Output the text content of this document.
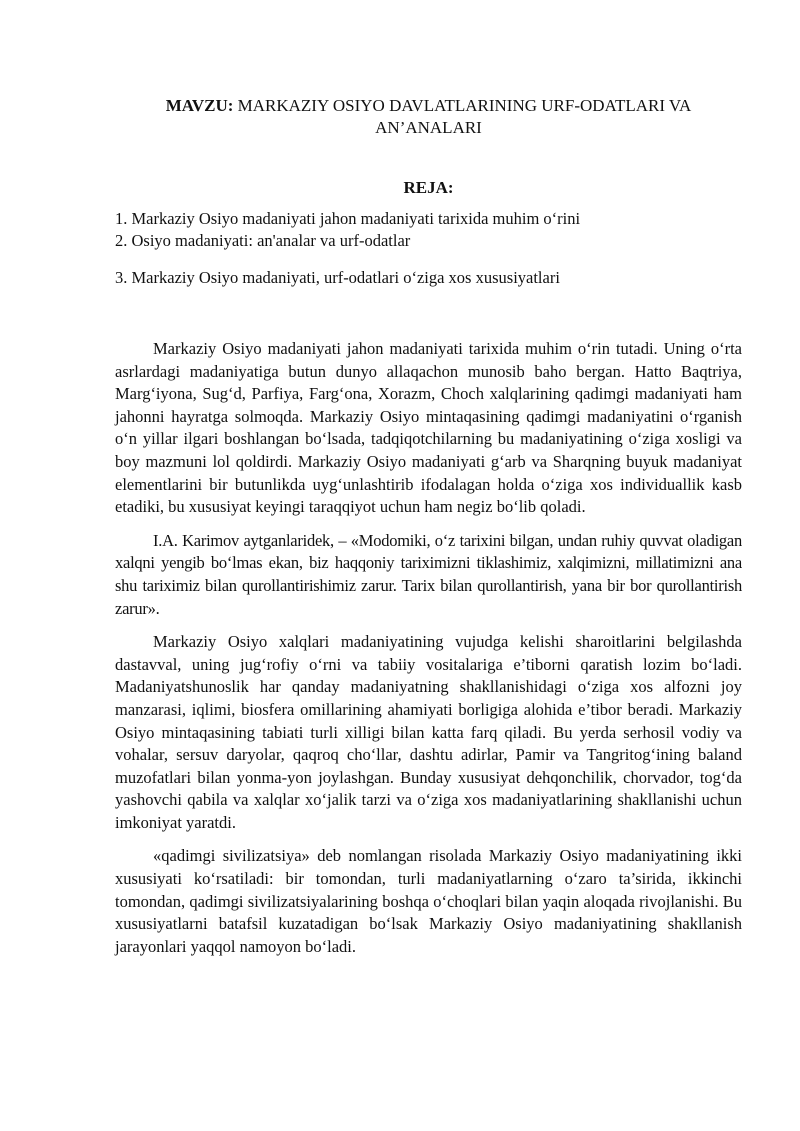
MAVZU: MARKAZIY OSIYO DAVLATLARINING URF-ODATLARI VA AN’ANALARI
REJA:
1. Markaziy Osiyo madaniyati jahon madaniyati tarixida muhim o‘rini
2. Osiyo madaniyati: an'analar va urf-odatlar
3. Markaziy Osiyo madaniyati, urf-odatlari o‘ziga xos xususiyatlari

Markaziy Osiyo madaniyati jahon madaniyati tarixida muhim o‘rin tutadi. Uning o‘rta asrlardagi madaniyatiga butun dunyo allaqachon munosib baho bergan. Hatto Baqtriya, Marg‘iyona, Sug‘d, Parfiya, Farg‘ona, Xorazm, Choch xalqlarining qadimgi madaniyati ham jahonni hayratga solmoqda. Markaziy Osiyo mintaqasining qadimgi madaniyatini o‘rganish o‘n yillar ilgari boshlangan bo‘lsada, tadqiqotchilarning bu madaniyatining o‘ziga xosligi va boy mazmuni lol qoldirdi. Markaziy Osiyo madaniyati g‘arb va Sharqning buyuk madaniyat elementlarini bir butunlikda uyg‘unlashtirib ifodalagan holda o‘ziga xos individuallik kasb etadiki, bu xususiyat keyingi taraqqiyot uchun ham negiz bo‘lib qoladi.

I.A. Karimov aytganlaridek, – «Modomiki, o‘z tarixini bilgan, undan ruhiy quvvat oladigan xalqni yengib bo‘lmas ekan, biz haqqoniy tariximizni tiklashimiz, xalqimizni, millatimizni ana shu tariximiz bilan qurollantirishimiz zarur. Tarix bilan qurollantirish, yana bir bor qurollantirish zarur».

Markaziy Osiyo xalqlari madaniyatining vujudga kelishi sharoitlarini belgilashda dastavval, uning jug‘rofiy o‘rni va tabiiy vositalariga e’tiborni qaratish lozim bo‘ladi. Madaniyatshunoslik har qanday madaniyatning shakllanishidagi o‘ziga xos alfozni joy manzarasi, iqlimi, biosfera omillarining ahamiyati borligiga alohida e’tibor beradi. Markaziy Osiyo mintaqasining tabiati turli xilligi bilan katta farq qiladi. Bu yerda serhosil vodiy va vohalar, sersuv daryolar, qaqroq cho‘llar, dashtu adirlar, Pamir va Tangritog‘ining baland muzofatlari bilan yonma-yon joylashgan. Bunday xususiyat dehqonchilik, chorvador, tog‘da yashovchi qabila va xalqlar xo‘jalik tarzi va o‘ziga xos madaniyatlarining shakllanishi uchun imkoniyat yaratdi.

«qadimgi sivilizatsiya» deb nomlangan risolada Markaziy Osiyo madaniyatining ikki xususiyati ko‘rsatiladi: bir tomondan, turli madaniyatlarning o‘zaro ta’sirida, ikkinchi tomondan, qadimgi sivilizatsiyalarining boshqa o‘choqlari bilan yaqin aloqada rivojlanishi. Bu xususiyatlarni batafsil kuzatadigan bo‘lsak Markaziy Osiyo madaniyatining shakllanish jarayonlari yaqqol namoyon bo‘ladi.
